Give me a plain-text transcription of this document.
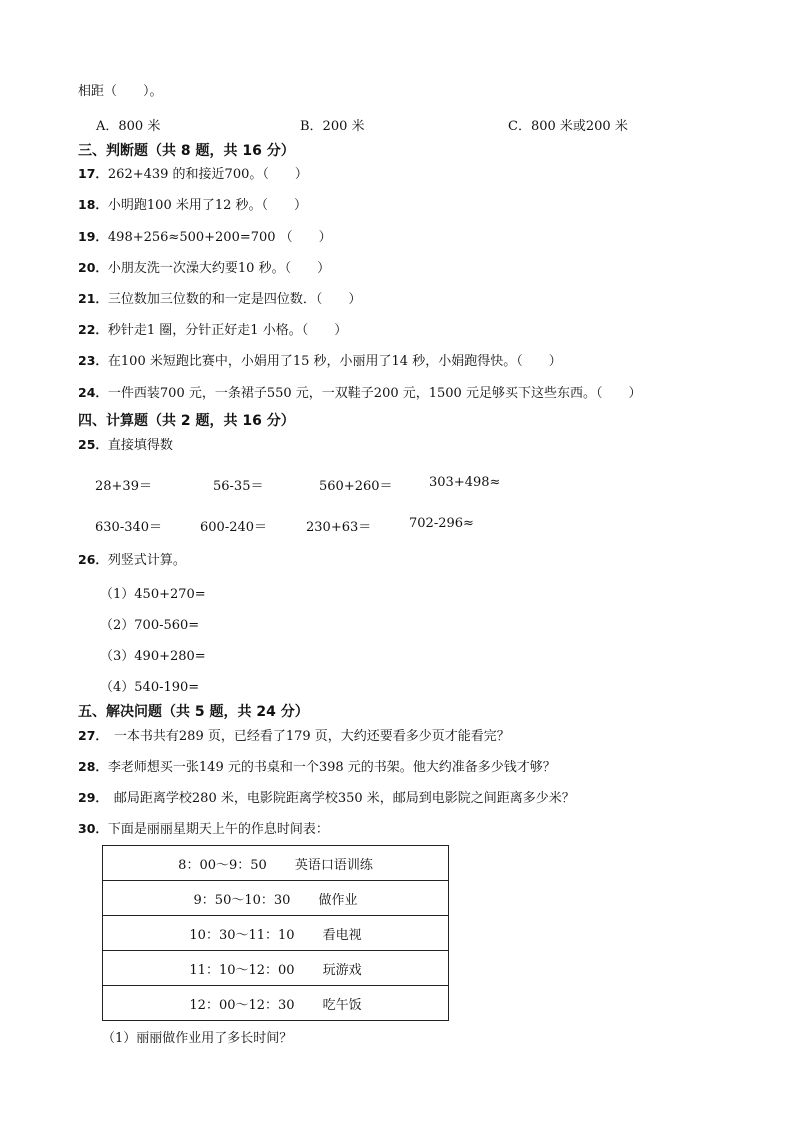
相距（　　）。
A．800 米	B．200 米	C．800 米或200 米
三、判断题（共 8 题，共 16 分）
17．262+439 的和接近700。（　　）
18．小明跑100 米用了12 秒。（　　）
19．498+256≈500+200=700 （　　）
20．小朋友洗一次澡大约要10 秒。（　　）
21．三位数加三位数的和一定是四位数．（　　）
22．秒针走1 圈，分针正好走1 小格。（　　）
23．在100 米短跑比赛中，小娟用了15 秒，小丽用了14 秒，小娟跑得快。（　　）
24．一件西装700 元，一条裙子550 元，一双鞋子200 元，1500 元足够买下这些东西。（　　）
四、计算题（共 2 题，共 16 分）
25．直接填得数
28+39＝	56-35＝	560+260＝	303+498≈
630-340＝	600-240＝	230+63＝	702-296≈
26．列竖式计算。
（1）450+270=
（2）700-560=
（3）490+280=
（4）540-190=
五、解决问题（共 5 题，共 24 分）
27． 一本书共有289 页，已经看了179 页，大约还要看多少页才能看完？
28．李老师想买一张149 元的书桌和一个398 元的书架。他大约准备多少钱才够？
29． 邮局距离学校280 米，电影院距离学校350 米，邮局到电影院之间距离多少米？
30．下面是丽丽星期天上午的作息时间表：
8：00～9：50 英语口语训练

9：50～10：30 做作业

10：30～11：10 看电视

11：10～12：00 玩游戏

12：00～12：30 吃午饭
（1）丽丽做作业用了多长时间？
